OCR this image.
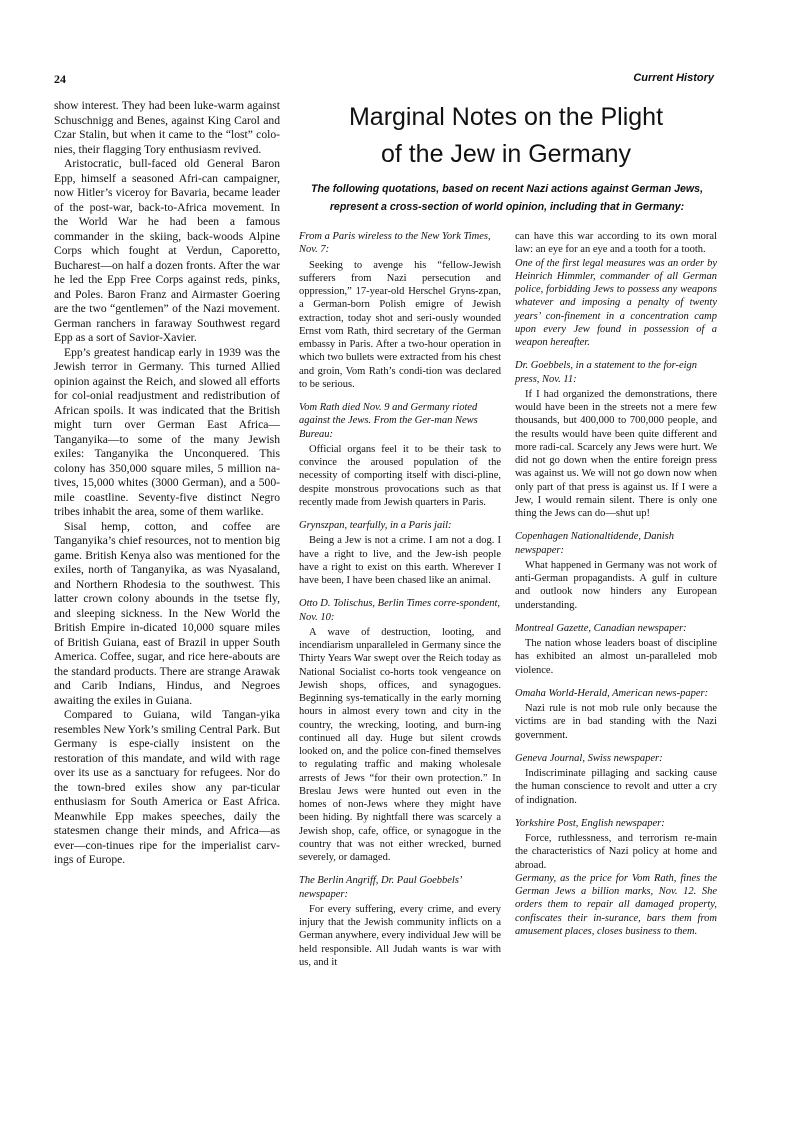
24	Current History

show interest. They had been luke-warm against Schuschnigg and Benes, against King Carol and Czar Stalin, but when it came to the “lost” colo-nies, their flagging Tory enthusiasm revived.

Aristocratic, bull-faced old General Baron Epp, himself a seasoned Afri-can campaigner, now Hitler’s viceroy for Bavaria, became leader of the post-war, back-to-Africa movement. In the World War he had been a famous commander in the skiing, back-woods Alpine Corps which fought at Verdun, Caporetto, Bucharest—on half a dozen fronts. After the war he led the Epp Free Corps against reds, pinks, and Poles. Baron Franz and Airmaster Goering are the two “gentlemen” of the Nazi movement. German ranchers in faraway Southwest regard Epp as a sort of Savior-Xavier.

Epp’s greatest handicap early in 1939 was the Jewish terror in Germany. This turned Allied opinion against the Reich, and slowed all efforts for col-onial readjustment and redistribution of African spoils. It was indicated that the British might turn over German East Africa—Tanganyika—to some of the many Jewish exiles: Tanganyika the Unconquered. This colony has 350,000 square miles, 5 million na-tives, 15,000 whites (3000 German), and a 500-mile coastline. Seventy-five distinct Negro tribes inhabit the area, some of them warlike.

Sisal hemp, cotton, and coffee are Tanganyika’s chief resources, not to mention big game. British Kenya also was mentioned for the exiles, north of Tanganyika, as was Nyasaland, and Northern Rhodesia to the southwest. This latter crown colony abounds in the tsetse fly, and sleeping sickness. In the New World the British Empire in-dicated 10,000 square miles of British Guiana, east of Brazil in upper South America. Coffee, sugar, and rice here-abouts are the standard products. There are strange Arawak and Carib Indians, Hindus, and Negroes awaiting the exiles in Guiana.

Compared to Guiana, wild Tangan-yika resembles New York’s smiling Central Park. But Germany is espe-cially insistent on the restoration of this mandate, and wild with rage over its use as a sanctuary for refugees. Nor do the town-bred exiles show any par-ticular enthusiasm for South America or East Africa. Meanwhile Epp makes speeches, daily the statesmen change their minds, and Africa—as ever—con-tinues ripe for the imperialist carv-ings of Europe.

Marginal Notes on the Plight
of the Jew in Germany
The following quotations, based on recent Nazi actions against German Jews, represent a cross-section of world opinion, including that in Germany:
From a Paris wireless to the New York Times, Nov. 7:

Seeking to avenge his “fellow-Jewish sufferers from Nazi persecution and oppression,” 17-year-old Herschel Gryns-zpan, a German-born Polish emigre of Jewish extraction, today shot and seri-ously wounded Ernst vom Rath, third secretary of the German embassy in Paris. After a two-hour operation in which two bullets were extracted from his chest and groin, Vom Rath’s condi-tion was declared to be serious.

Vom Rath died Nov. 9 and Germany rioted against the Jews. From the Ger-man News Bureau:

Official organs feel it to be their task to convince the aroused population of the necessity of comporting itself with disci-pline, despite monstrous provocations such as that recently made from Jewish quarters in Paris.

Grynszpan, tearfully, in a Paris jail:

Being a Jew is not a crime. I am not a dog. I have a right to live, and the Jew-ish people have a right to exist on this earth. Wherever I have been, I have been chased like an animal.

Otto D. Tolischus, Berlin Times corre-spondent, Nov. 10:

A wave of destruction, looting, and incendiarism unparalleled in Germany since the Thirty Years War swept over the Reich today as National Socialist co-horts took vengeance on Jewish shops, offices, and synagogues. Beginning sys-tematically in the early morning hours in almost every town and city in the country, the wrecking, looting, and burn-ing continued all day. Huge but silent crowds looked on, and the police con-fined themselves to regulating traffic and making wholesale arrests of Jews “for their own protection.” In Breslau Jews were hunted out even in the homes of non-Jews where they might have been hiding. By nightfall there was scarcely a Jewish shop, cafe, office, or synagogue in the country that was not either wrecked, burned severely, or damaged.

The Berlin Angriff, Dr. Paul Goebbels’ newspaper:

For every suffering, every crime, and every injury that the Jewish community inflicts on a German anywhere, every individual Jew will be held responsible. All Judah wants is war with us, and it

can have this war according to its own moral law: an eye for an eye and a tooth for a tooth.

One of the first legal measures was an order by Heinrich Himmler, commander of all German police, forbidding Jews to possess any weapons whatever and imposing a penalty of twenty years’ con-finement in a concentration camp upon every Jew found in possession of a weapon hereafter.

Dr. Goebbels, in a statement to the for-eign press, Nov. 11:

If I had organized the demonstrations, there would have been in the streets not a mere few thousands, but 400,000 to 700,000 people, and the results would have been quite different and more radi-cal. Scarcely any Jews were hurt. We did not go down when the entire foreign press was against us. We will not go down now when only part of that press is against us. If I were a Jew, I would remain silent. There is only one thing the Jews can do—shut up!

Copenhagen Nationaltidende, Danish newspaper:

What happened in Germany was not work of anti-German propagandists. A gulf in culture and outlook now hinders any European understanding.

Montreal Gazette, Canadian newspaper:

The nation whose leaders boast of discipline has exhibited an almost un-paralleled mob violence.

Omaha World-Herald, American news-paper:

Nazi rule is not mob rule only because the victims are in bad standing with the Nazi government.

Geneva Journal, Swiss newspaper:

Indiscriminate pillaging and sacking cause the human conscience to revolt and utter a cry of indignation.

Yorkshire Post, English newspaper:

Force, ruthlessness, and terrorism re-main the characteristics of Nazi policy at home and abroad.

Germany, as the price for Vom Rath, fines the German Jews a billion marks, Nov. 12. She orders them to repair all damaged property, confiscates their in-surance, bars them from amusement places, closes business to them.
